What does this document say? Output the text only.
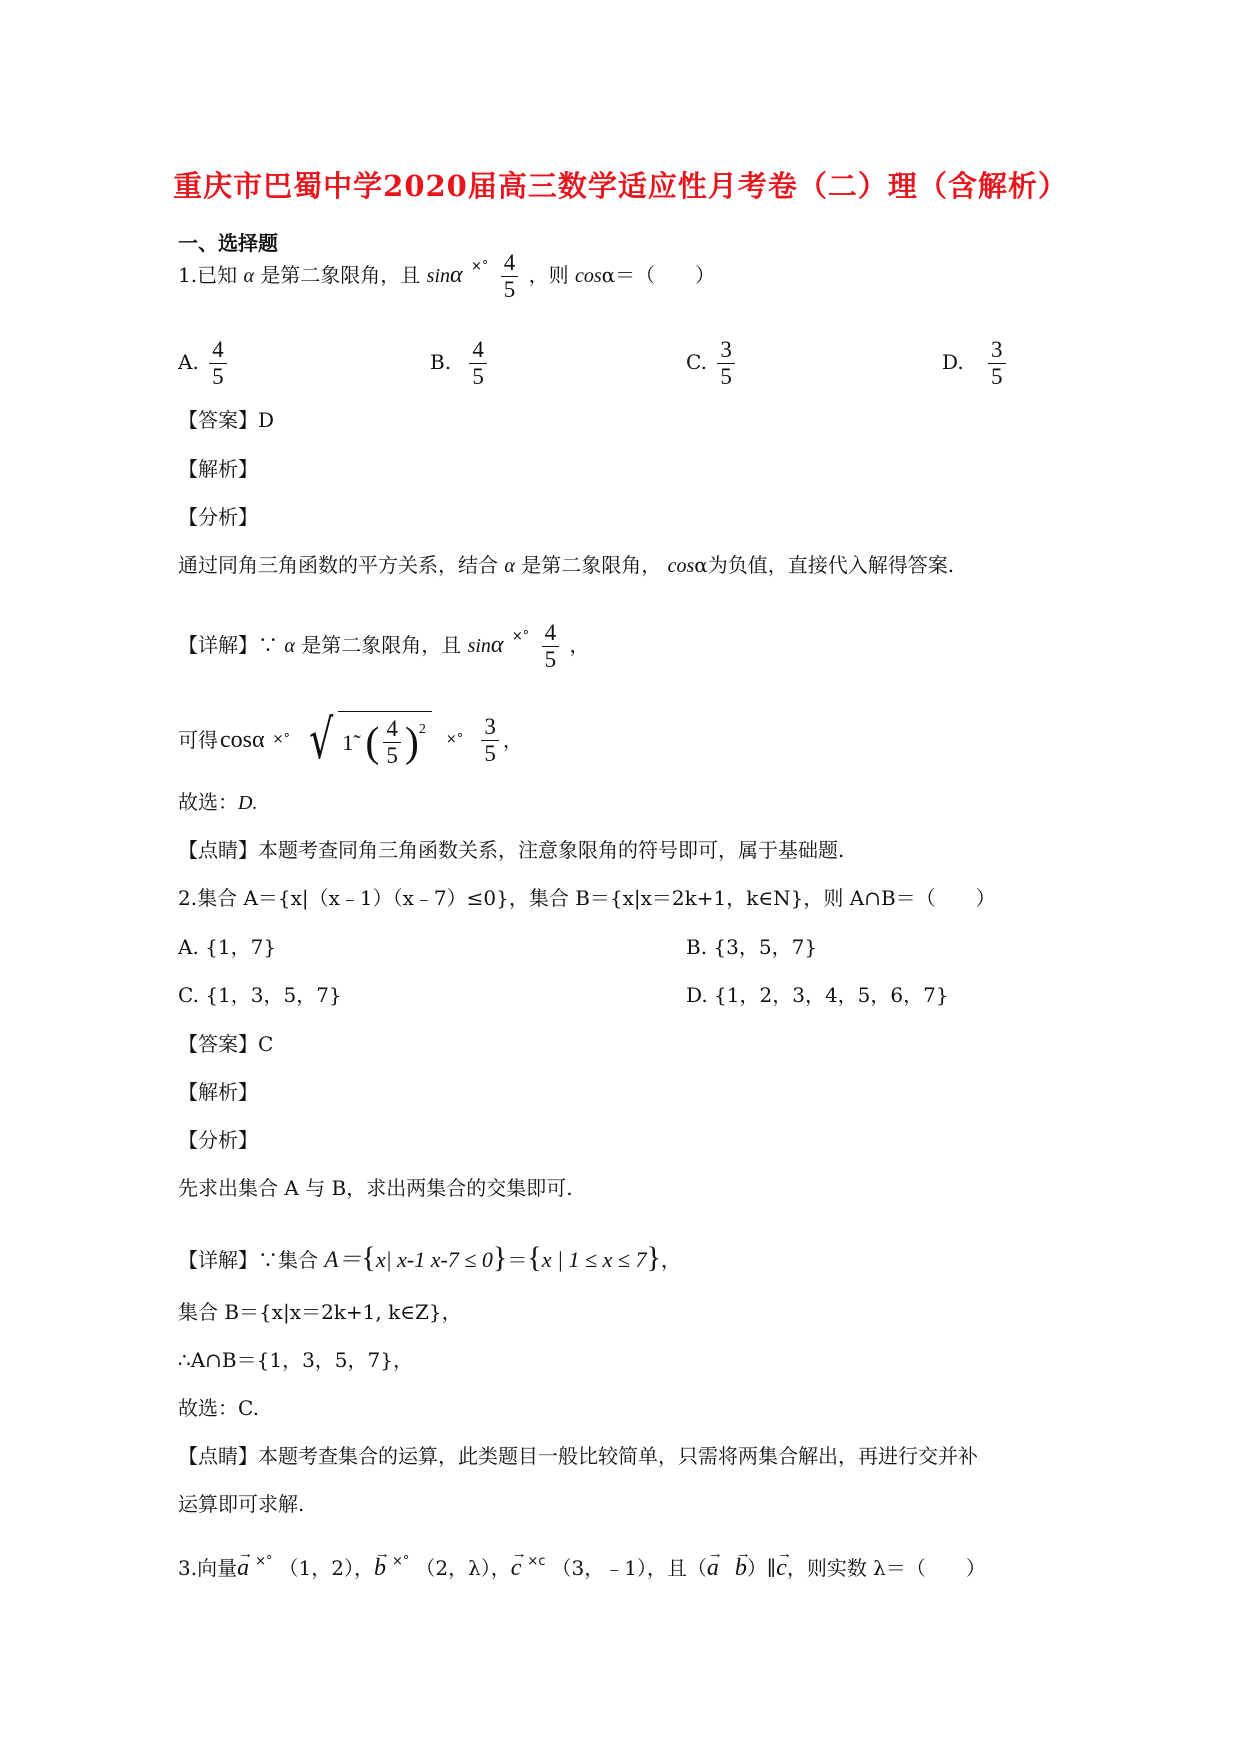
重庆市巴蜀中学2020届高三数学适应性月考卷（二）理（含解析）
一、选择题
1.已知 α 是第二象限角，且 sinα $^{\times^\circ} \frac{4}{5}$ ，则 cosα＝（　　）
A. $\frac{4}{5}$	B. $\frac{4}{5}$	C. $\frac{3}{5}$	D. $\frac{3}{5}$
【答案】D
【解析】
【分析】
通过同角三角函数的平方关系，结合 α 是第二象限角， cosα为负值，直接代入解得答案.
【详解】∵ α 是第二象限角，且 sinα $^{\times^\circ} \frac{4}{5}$ ，
可得 cosα ×° √ 1̃ ( $\frac{4}{5}$ ) 2
×° $\frac{3}{5}$ ，
故选：D.
【点睛】本题考查同角三角函数关系，注意象限角的符号即可，属于基础题.
2.集合 A＝{x|（x﹣1）（x﹣7）≤0}，集合 B＝{x|x＝2k+1，k∈N}，则 A∩B＝（　　）
A. {1，7}	B. {3，5，7}
C. {1，3，5，7}	D. {1，2，3，4，5，6，7}
【答案】C
【解析】
【分析】
先求出集合 A 与 B，求出两集合的交集即可.
【详解】∵集合 A＝{x| x-1 x-7 ≤ 0}＝{x | 1 ≤ x ≤ 7}，
集合 B＝{x|x＝2k+1, k∈Z}，
∴A∩B＝{1，3，5，7}，
故选：C.
【点睛】本题考查集合的运算，此类题目一般比较简单，只需将两集合解出，再进行交并补
运算即可求解.
3.向量 → a ×° （1，2）， → b ×° （2，λ）， → c ×c （3，﹣1），且（ → a → b ）∥ → c ，则实数 λ＝（　　）
